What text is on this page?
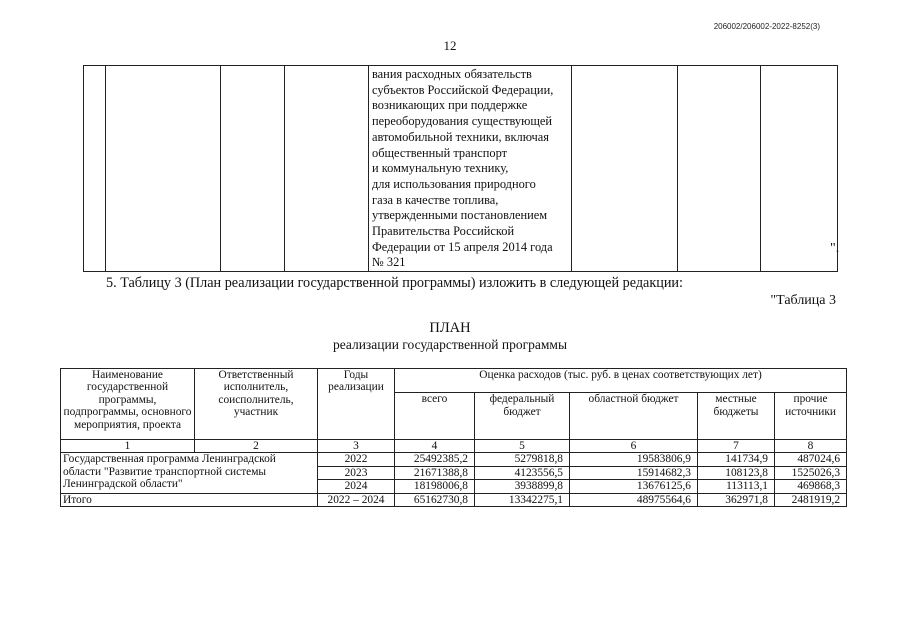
206002/206002-2022-8252(3)
12

вания расходных обязательств
субъектов Российской Федерации,
возникающих при поддержке
переоборудования существующей
автомобильной техники, включая
общественный транспорт
и коммунальную технику,
для использования природного
газа в качестве топлива,
утвержденными постановлением
Правительства Российской
Федерации от 15 апреля 2014 года
№ 321

".
5. Таблицу 3 (План реализации государственной программы) изложить в следующей редакции:
"Таблица 3
ПЛАН
реализации государственной программы
Наименование государственной программы, подпрограммы, основного мероприятия, проекта	Ответственный исполнитель, соисполнитель, участник	Годы реализации	Оценка расходов (тыс. руб. в ценах соответствующих лет)				
			всего	федеральный бюджет	областной бюджет	местные бюджеты	прочие источники
1	2	3	4	5	6	7	8
Государственная программа Ленинградской области "Развитие транспортной системы Ленинградской области"		2022	25492385,2	5279818,8	19583806,9	141734,9	487024,6
		2023	21671388,8	4123556,5	15914682,3	108123,8	1525026,3
		2024	18198006,8	3938899,8	13676125,6	113113,1	469868,3
Итого		2022 – 2024	65162730,8	13342275,1	48975564,6	362971,8	2481919,2
